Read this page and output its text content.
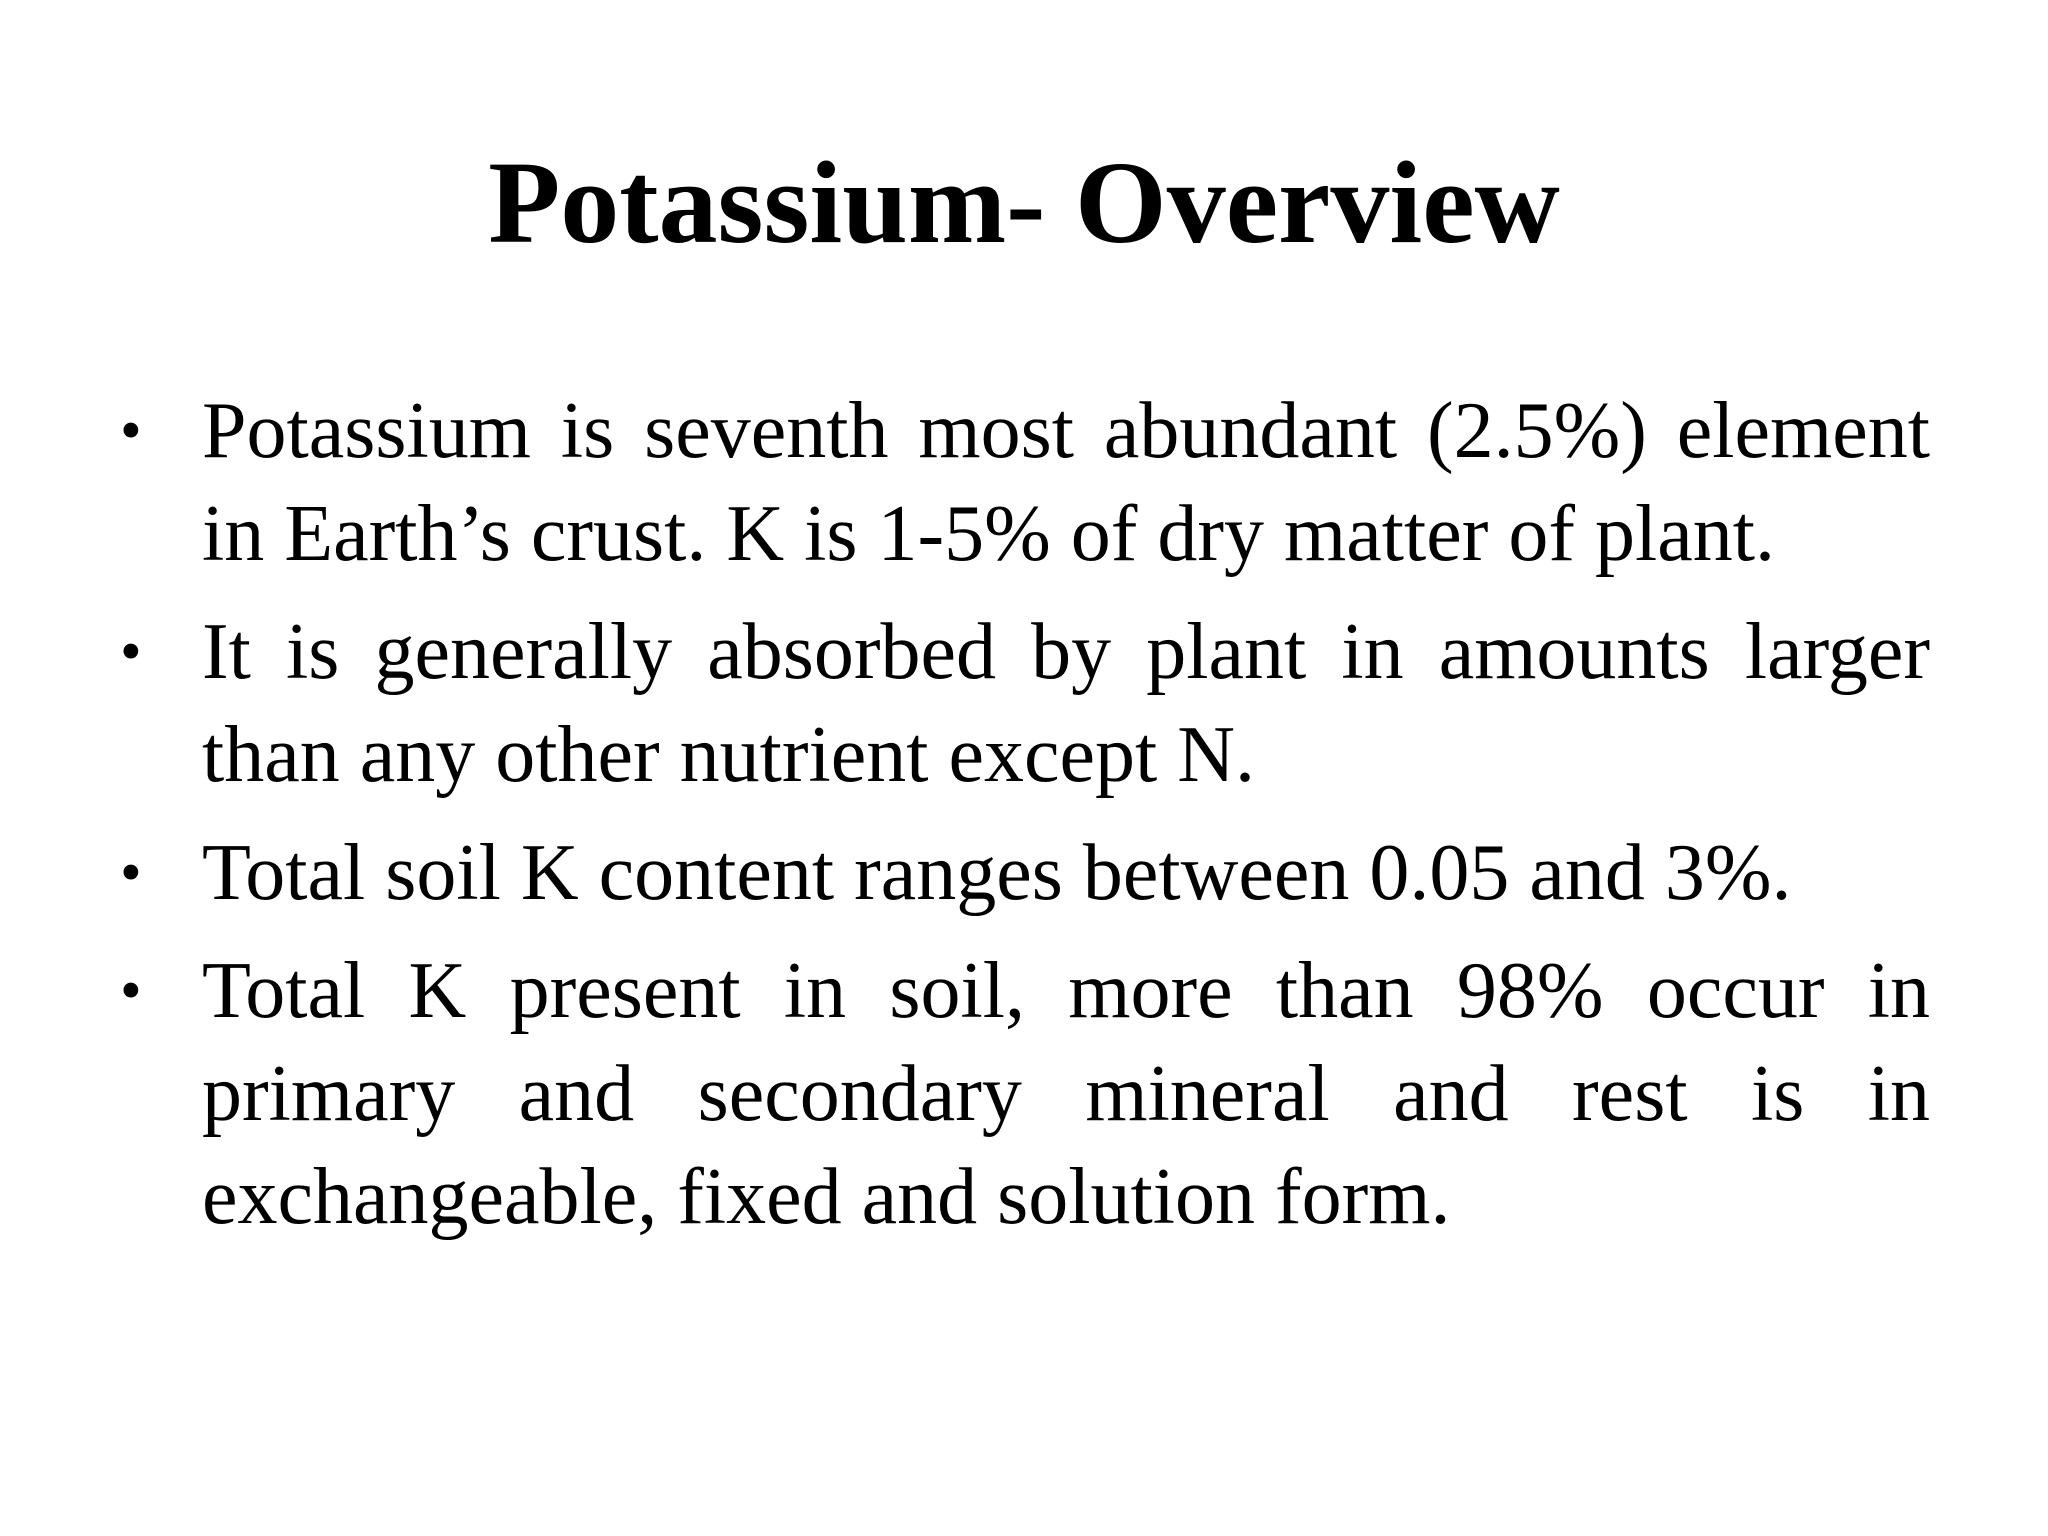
Potassium- Overview
• Potassium is seventh most abundant (2.5%) element in Earth’s crust. K is 1-5% of dry matter of plant.
• It is generally absorbed by plant in amounts larger than any other nutrient except N.
• Total soil K content ranges between 0.05 and 3%.
• Total K present in soil, more than 98% occur in primary and secondary mineral and rest is in exchangeable, fixed and solution form.
